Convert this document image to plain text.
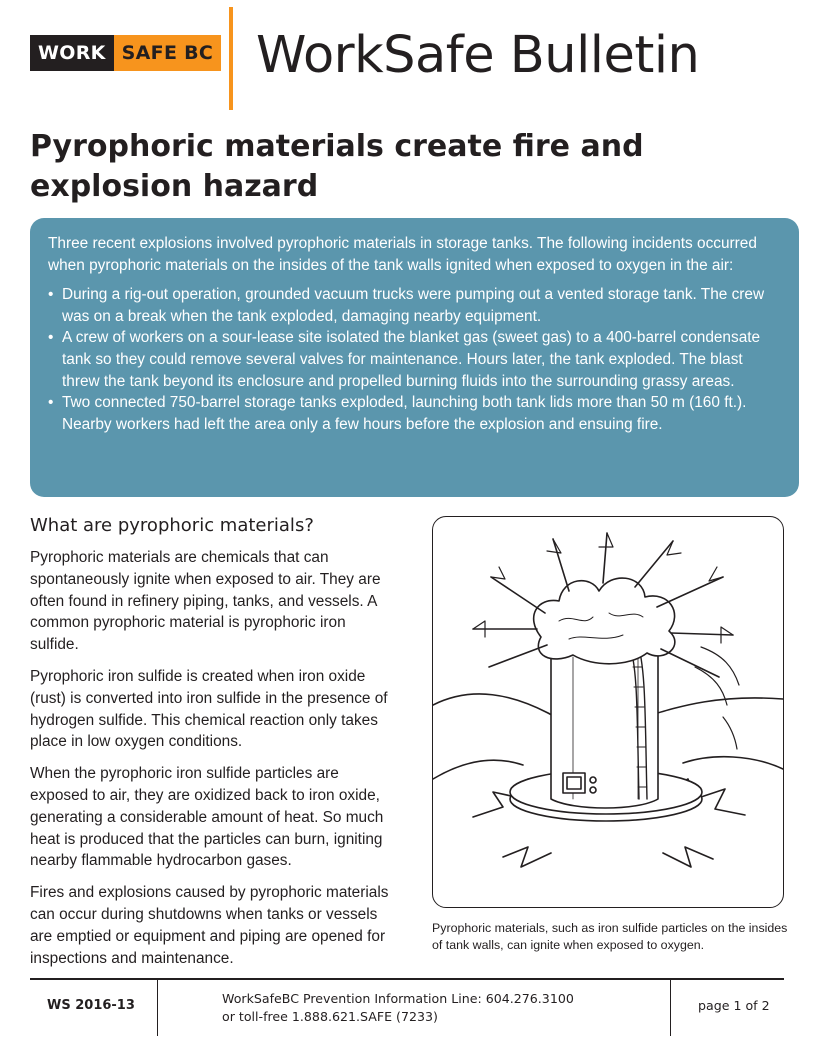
WORK SAFE BC WorkSafe Bulletin
Pyrophoric materials create fire and explosion hazard

Three recent explosions involved pyrophoric materials in storage tanks. The following incidents occurred when pyrophoric materials on the insides of the tank walls ignited when exposed to oxygen in the air:

• During a rig-out operation, grounded vacuum trucks were pumping out a vented storage tank. The crew was on a break when the tank exploded, damaging nearby equipment.
• A crew of workers on a sour-lease site isolated the blanket gas (sweet gas) to a 400-barrel condensate tank so they could remove several valves for maintenance. Hours later, the tank exploded. The blast threw the tank beyond its enclosure and propelled burning fluids into the surrounding grassy areas.
• Two connected 750-barrel storage tanks exploded, launching both tank lids more than 50 m (160 ft.). Nearby workers had left the area only a few hours before the explosion and ensuing fire.
What are pyrophoric materials?

Pyrophoric materials are chemicals that can spontaneously ignite when exposed to air. They are often found in refinery piping, tanks, and vessels. A common pyrophoric material is pyrophoric iron sulfide.

Pyrophoric iron sulfide is created when iron oxide (rust) is converted into iron sulfide in the presence of hydrogen sulfide. This chemical reaction only takes place in low oxygen conditions.

When the pyrophoric iron sulfide particles are exposed to air, they are oxidized back to iron oxide, generating a considerable amount of heat. So much heat is produced that the particles can burn, igniting nearby flammable hydrocarbon gases.

Fires and explosions caused by pyrophoric materials can occur during shutdowns when tanks or vessels are emptied or equipment and piping are opened for inspections and maintenance.

Pyrophoric materials, such as iron sulfide particles on the insides of tank walls, can ignite when exposed to oxygen.
WS 2016-13	WorkSafeBC Prevention Information Line: 604.276.3100
or toll-free 1.888.621.SAFE (7233)
page 1 of 2
